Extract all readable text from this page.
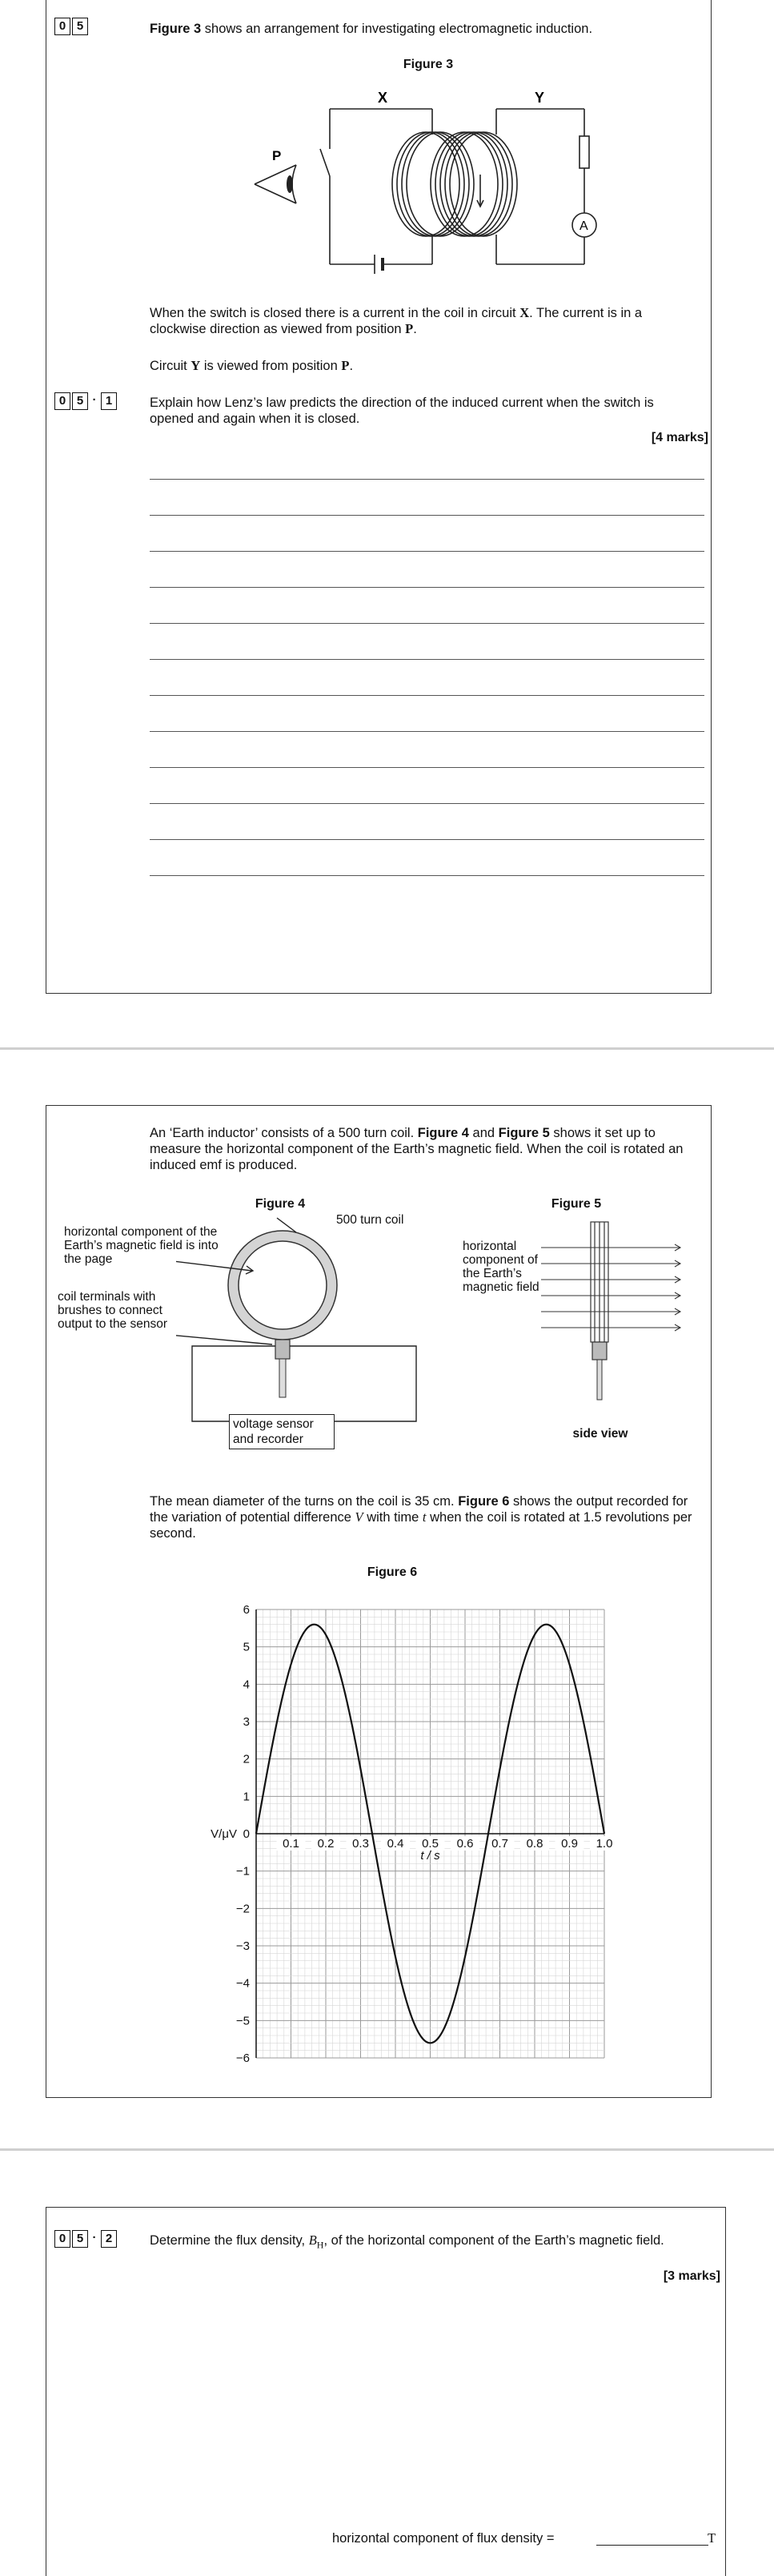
0 5	Figure 3 shows an arrangement for investigating electromagnetic induction.
Figure 3
X	Y
P
A
When the switch is closed there is a current in the coil in circuit X. The current is in a clockwise direction as viewed from position P.
Circuit Y is viewed from position P.
0 5 · 1	Explain how Lenz’s law predicts the direction of the induced current when the switch is opened and again when it is closed.
[4 marks]
An ‘Earth inductor’ consists of a 500 turn coil. Figure 4 and Figure 5 shows it set up to measure the horizontal component of the Earth’s magnetic field. When the coil is rotated an induced emf is produced.
Figure 4	Figure 5
500 turn coil
horizontal component of the Earth’s magnetic field is into the page
coil terminals with brushes to connect output to the sensor
voltage sensor
and recorder
horizontal component of the Earth’s magnetic field
side view
The mean diameter of the turns on the coil is 35 cm. Figure 6 shows the output recorded for the variation of potential difference V with time t when the coil is rotated at 1.5 revolutions per second.
Figure 6
6
5
4
3
2
1
0
−1
−2
−3
−4
−5
−6
0.1 0.2 0.3 0.4 0.5 0.6 0.7 0.8 0.9 1.0
t / s
V/μV
0 5 · 2	Determine the flux density, $B_H$, of the horizontal component of the Earth’s magnetic field.
[3 marks]
horizontal component of flux density =	T
